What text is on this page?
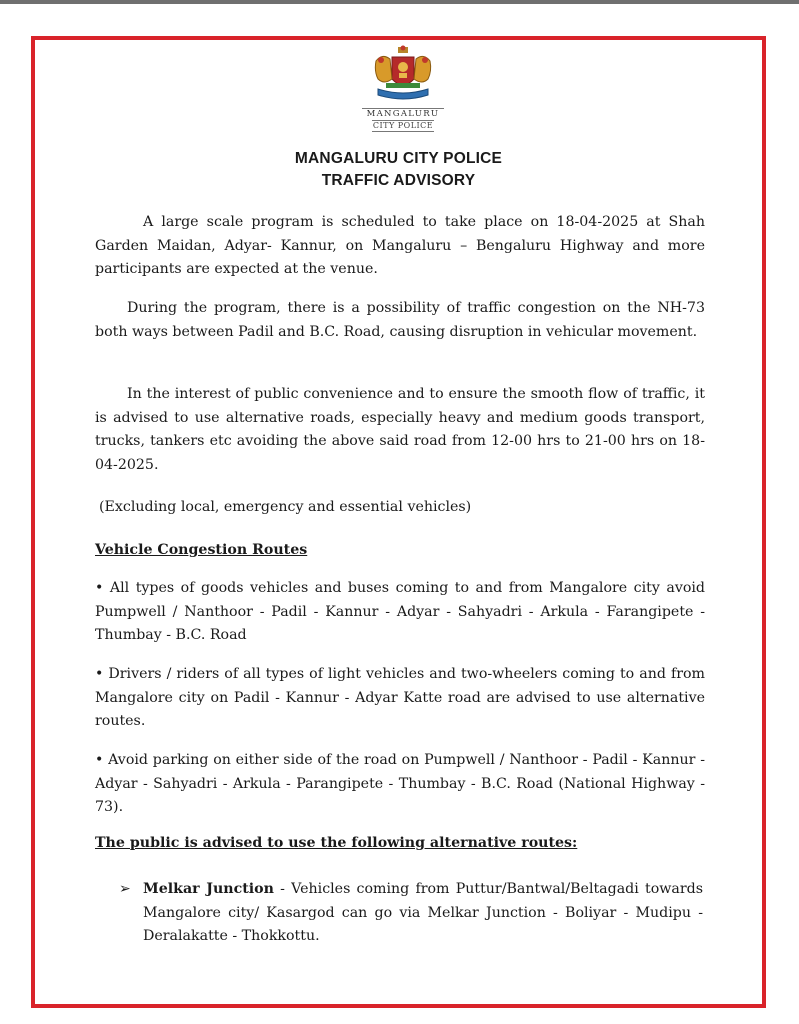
MANGALURU
CITY POLICE
MANGALURU CITY POLICE
TRAFFIC ADVISORY
A large scale program is scheduled to take place on 18-04-2025 at Shah Garden Maidan, Adyar- Kannur, on Mangaluru – Bengaluru Highway and more participants are expected at the venue.
During the program, there is a possibility of traffic congestion on the NH-73 both ways between Padil and B.C. Road, causing disruption in vehicular movement.
In the interest of public convenience and to ensure the smooth flow of traffic, it is advised to use alternative roads, especially heavy and medium goods transport, trucks, tankers etc avoiding the above said road from 12-00 hrs to 21-00 hrs on 18-04-2025.
(Excluding local, emergency and essential vehicles)
Vehicle Congestion Routes
• All types of goods vehicles and buses coming to and from Mangalore city avoid Pumpwell / Nanthoor - Padil - Kannur - Adyar - Sahyadri - Arkula - Farangipete - Thumbay - B.C. Road
• Drivers / riders of all types of light vehicles and two-wheelers coming to and from Mangalore city on Padil - Kannur - Adyar Katte road are advised to use alternative routes.
• Avoid parking on either side of the road on Pumpwell / Nanthoor - Padil - Kannur - Adyar - Sahyadri - Arkula - Parangipete - Thumbay - B.C. Road (National Highway - 73).
The public is advised to use the following alternative routes:
➢ Melkar Junction - Vehicles coming from Puttur/Bantwal/Beltagadi towards Mangalore city/ Kasargod can go via Melkar Junction - Boliyar - Mudipu - Deralakatte - Thokkottu.
